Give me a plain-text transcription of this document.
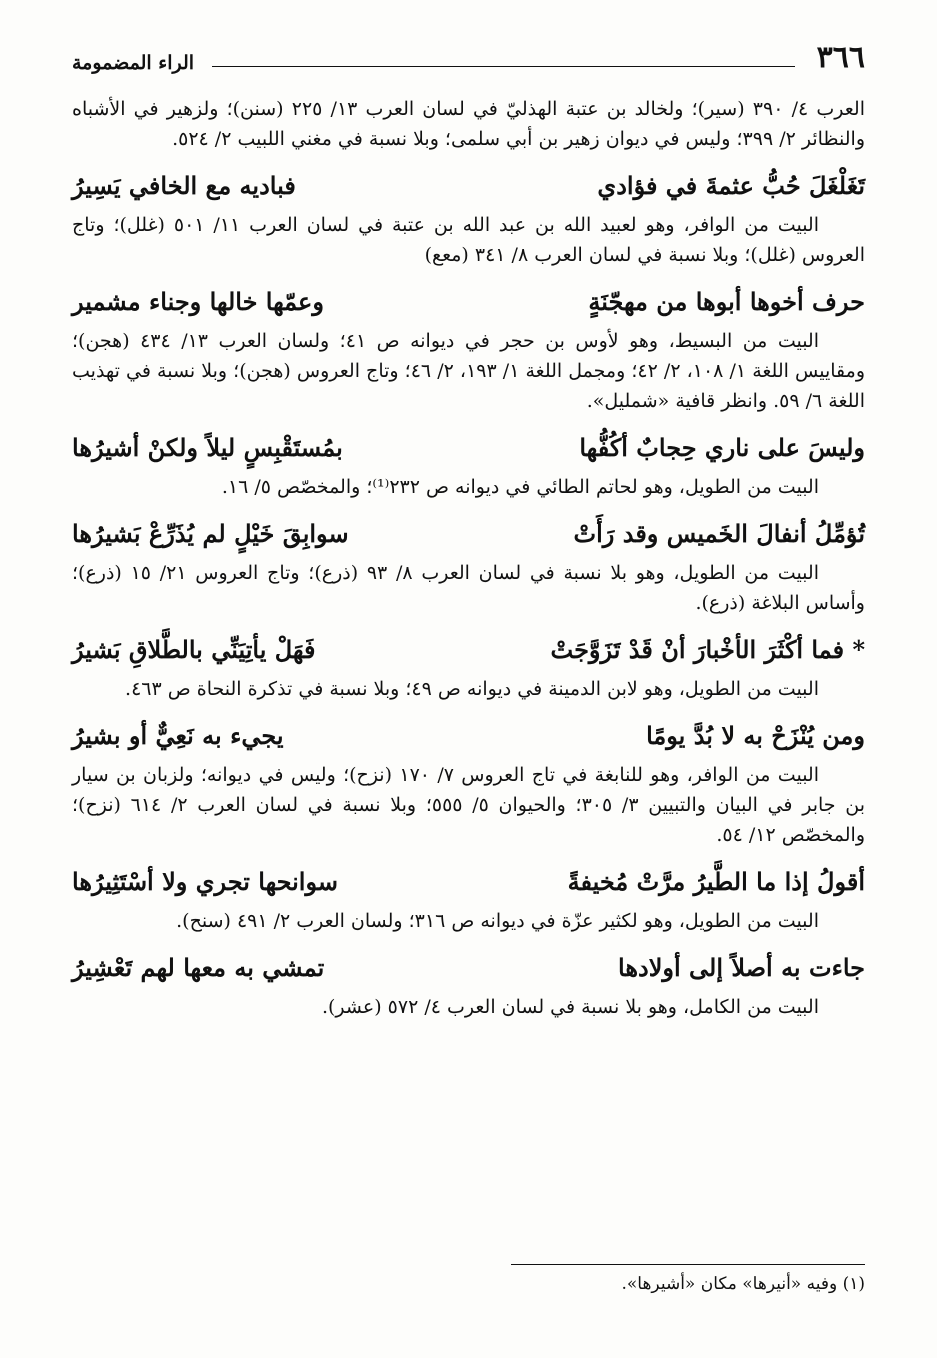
٣٦٦
الراء المضمومة

العرب ٤/ ٣٩٠ (سير)؛ ولخالد بن عتبة الهذليّ في لسان العرب ١٣/ ٢٢٥ (سنن)؛ ولزهير في الأشباه والنظائر ٢/ ٣٩٩؛ وليس في ديوان زهير بن أبي سلمى؛ وبلا نسبة في مغني اللبيب ٢/ ٥٢٤.

تَغَلْغَلَ حُبُّ عثمةَ في فؤادي
فباديه مع الخافي يَسِيرُ

البيت من الوافر، وهو لعبيد الله بن عبد الله بن عتبة في لسان العرب ١١/ ٥٠١ (غلل)؛ وتاج العروس (غلل)؛ وبلا نسبة في لسان العرب ٨/ ٣٤١ (معع)

حرف أخوها أبوها من مهجّنَةٍ
وعمّها خالها وجناء مشمير

البيت من البسيط، وهو لأوس بن حجر في ديوانه ص ٤١؛ ولسان العرب ١٣/ ٤٣٤ (هجن)؛ ومقاييس اللغة ١/ ١٠٨، ٢/ ٤٢؛ ومجمل اللغة ١/ ١٩٣، ٢/ ٤٦؛ وتاج العروس (هجن)؛ وبلا نسبة في تهذيب اللغة ٦/ ٥٩. وانظر قافية «شمليل».

وليسَ على ناري حِجابٌ أكُفُّها
بمُستَقْبِسٍ ليلاً ولكنْ أشيرُها

البيت من الطويل، وهو لحاتم الطائي في ديوانه ص ٢٣٢⁽¹⁾؛ والمخصّص ٥/ ١٦.

تُؤمِّلُ أنفالَ الخَميس وقد رَأَتْ
سوابِقَ خَيْلٍ لم يُذَرِّعْ بَشيرُها

البيت من الطويل، وهو بلا نسبة في لسان العرب ٨/ ٩٣ (ذرع)؛ وتاج العروس ٢١/ ١٥ (ذرع)؛ وأساس البلاغة (ذرع).

* فما أكْثَرَ الأخْبارَ أنْ قَدْ تَزَوَّجَتْ
فَهَلْ يأتِيَنِّي بالطَّلاقِ بَشيرُ

البيت من الطويل، وهو لابن الدمينة في ديوانه ص ٤٩؛ وبلا نسبة في تذكرة النحاة ص ٤٦٣.

ومن يُنْزَحْ به لا بُدَّ يومًا
يجيء به نَعِيٌّ أو بشيرُ

البيت من الوافر، وهو للنابغة في تاج العروس ٧/ ١٧٠ (نزح)؛ وليس في ديوانه؛ ولزبان بن سيار بن جابر في البيان والتبيين ٣/ ٣٠٥؛ والحيوان ٥/ ٥٥٥؛ وبلا نسبة في لسان العرب ٢/ ٦١٤ (نزح)؛ والمخصّص ١٢/ ٥٤.

أقولُ إذا ما الطَّيرُ مرَّتْ مُخيفةً
سوانحها تجري ولا أسْتَثِيرُها

البيت من الطويل، وهو لكثير عزّة في ديوانه ص ٣١٦؛ ولسان العرب ٢/ ٤٩١ (سنح).

جاءت به أصلاً إلى أولادها
تمشي به معها لهم تَعْشِيرُ

البيت من الكامل، وهو بلا نسبة في لسان العرب ٤/ ٥٧٢ (عشر).

(١) وفيه «أنيرها» مكان «أشيرها».
